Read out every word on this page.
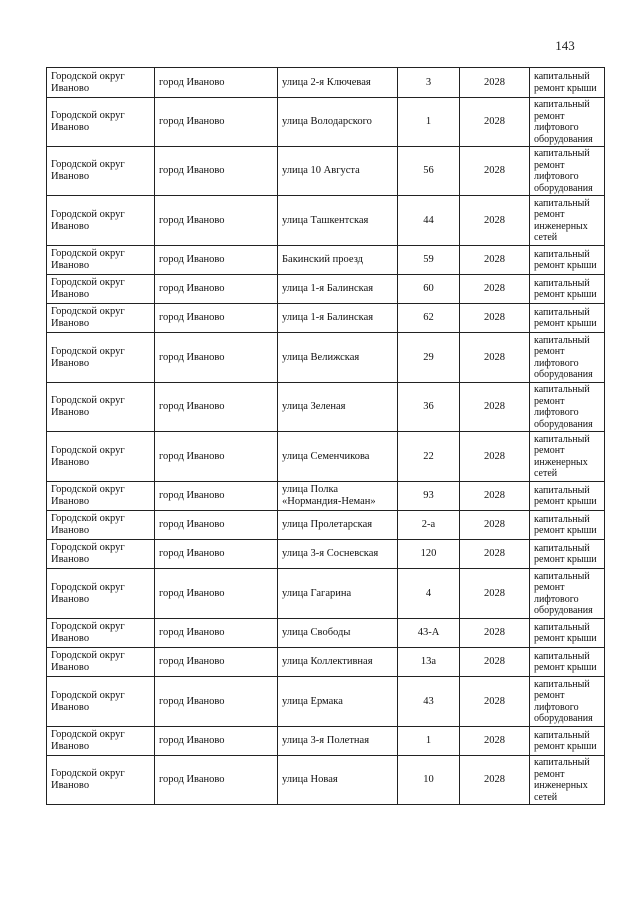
143
Городской округ Иваново	город Иваново	улица 2-я Ключевая	3	2028	капитальный ремонт крыши
Городской округ Иваново	город Иваново	улица Володарского	1	2028	капитальный ремонт лифтового оборудования
Городской округ Иваново	город Иваново	улица 10 Августа	56	2028	капитальный ремонт лифтового оборудования
Городской округ Иваново	город Иваново	улица Ташкентская	44	2028	капитальный ремонт инженерных сетей
Городской округ Иваново	город Иваново	Бакинский проезд	59	2028	капитальный ремонт крыши
Городской округ Иваново	город Иваново	улица 1-я Балинская	60	2028	капитальный ремонт крыши
Городской округ Иваново	город Иваново	улица 1-я Балинская	62	2028	капитальный ремонт крыши
Городской округ Иваново	город Иваново	улица Велижская	29	2028	капитальный ремонт лифтового оборудования
Городской округ Иваново	город Иваново	улица Зеленая	36	2028	капитальный ремонт лифтового оборудования
Городской округ Иваново	город Иваново	улица Семенчикова	22	2028	капитальный ремонт инженерных сетей
Городской округ Иваново	город Иваново	улица Полка «Нормандия-Неман»	93	2028	капитальный ремонт крыши
Городской округ Иваново	город Иваново	улица Пролетарская	2-а	2028	капитальный ремонт крыши
Городской округ Иваново	город Иваново	улица 3-я Сосневская	120	2028	капитальный ремонт крыши
Городской округ Иваново	город Иваново	улица Гагарина	4	2028	капитальный ремонт лифтового оборудования
Городской округ Иваново	город Иваново	улица Свободы	43-А	2028	капитальный ремонт крыши
Городской округ Иваново	город Иваново	улица Коллективная	13а	2028	капитальный ремонт крыши
Городской округ Иваново	город Иваново	улица Ермака	43	2028	капитальный ремонт лифтового оборудования
Городской округ Иваново	город Иваново	улица 3-я Полетная	1	2028	капитальный ремонт крыши
Городской округ Иваново	город Иваново	улица Новая	10	2028	капитальный ремонт инженерных сетей
